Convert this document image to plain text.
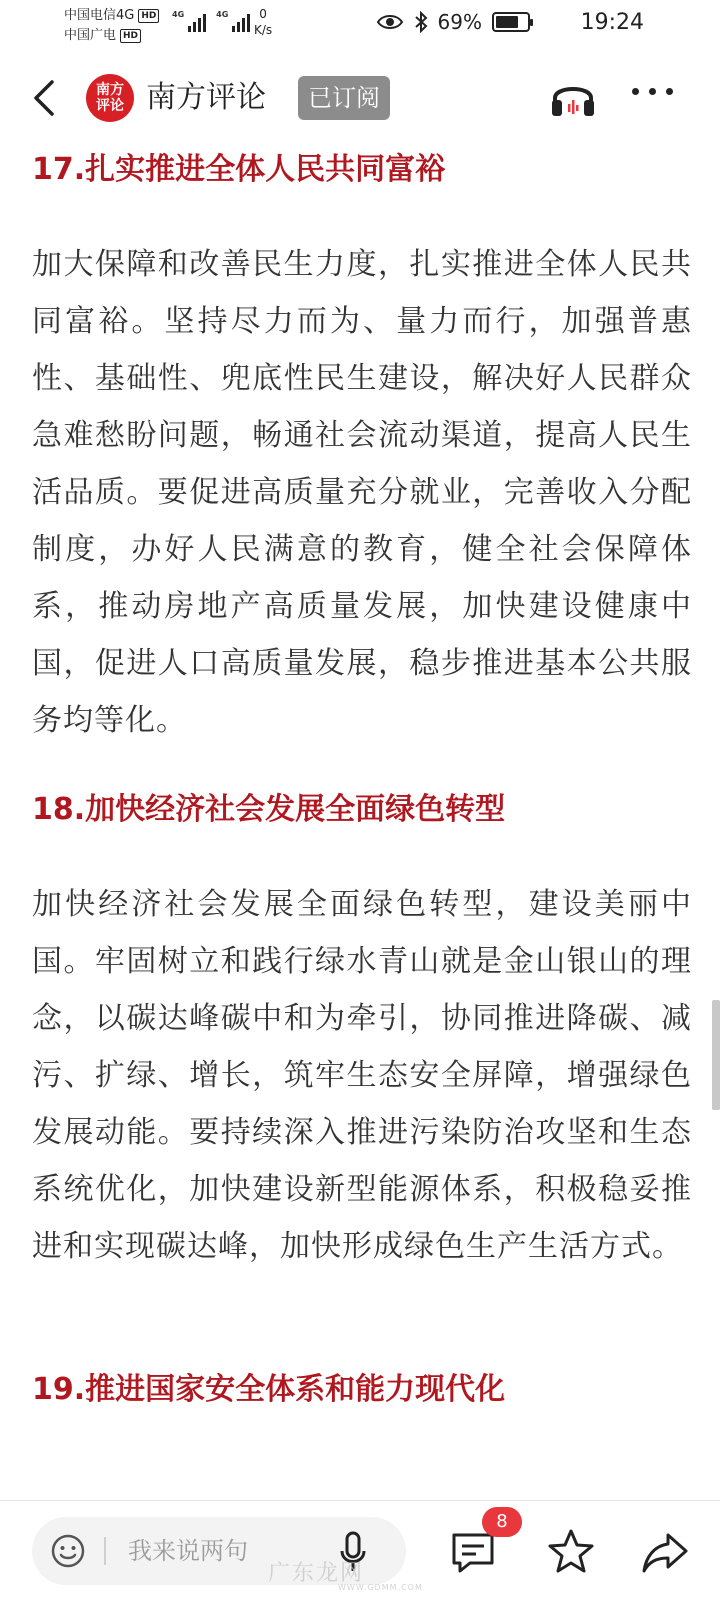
中国电信4G HD
中国广电 HD
4G	4G	0
K/s	69%	19:24
南方
评论 南方评论	已订阅
17.扎实推进全体人民共同富裕
加大保障和改善民生力度，扎实推进全体人民共同富裕。坚持尽力而为、量力而行，加强普惠性、基础性、兜底性民生建设，解决好人民群众急难愁盼问题，畅通社会流动渠道，提高人民生活品质。要促进高质量充分就业，完善收入分配制度，办好人民满意的教育，健全社会保障体系，推动房地产高质量发展，加快建设健康中国，促进人口高质量发展，稳步推进基本公共服务均等化。
18.加快经济社会发展全面绿色转型
加快经济社会发展全面绿色转型，建设美丽中国。牢固树立和践行绿水青山就是金山银山的理念，以碳达峰碳中和为牵引，协同推进降碳、减污、扩绿、增长，筑牢生态安全屏障，增强绿色发展动能。要持续深入推进污染防治攻坚和生态系统优化，加快建设新型能源体系，积极稳妥推进和实现碳达峰，加快形成绿色生产生活方式。
19.推进国家安全体系和能力现代化
我来说两句
8
广东龙网
WWW.GDMM.COM
